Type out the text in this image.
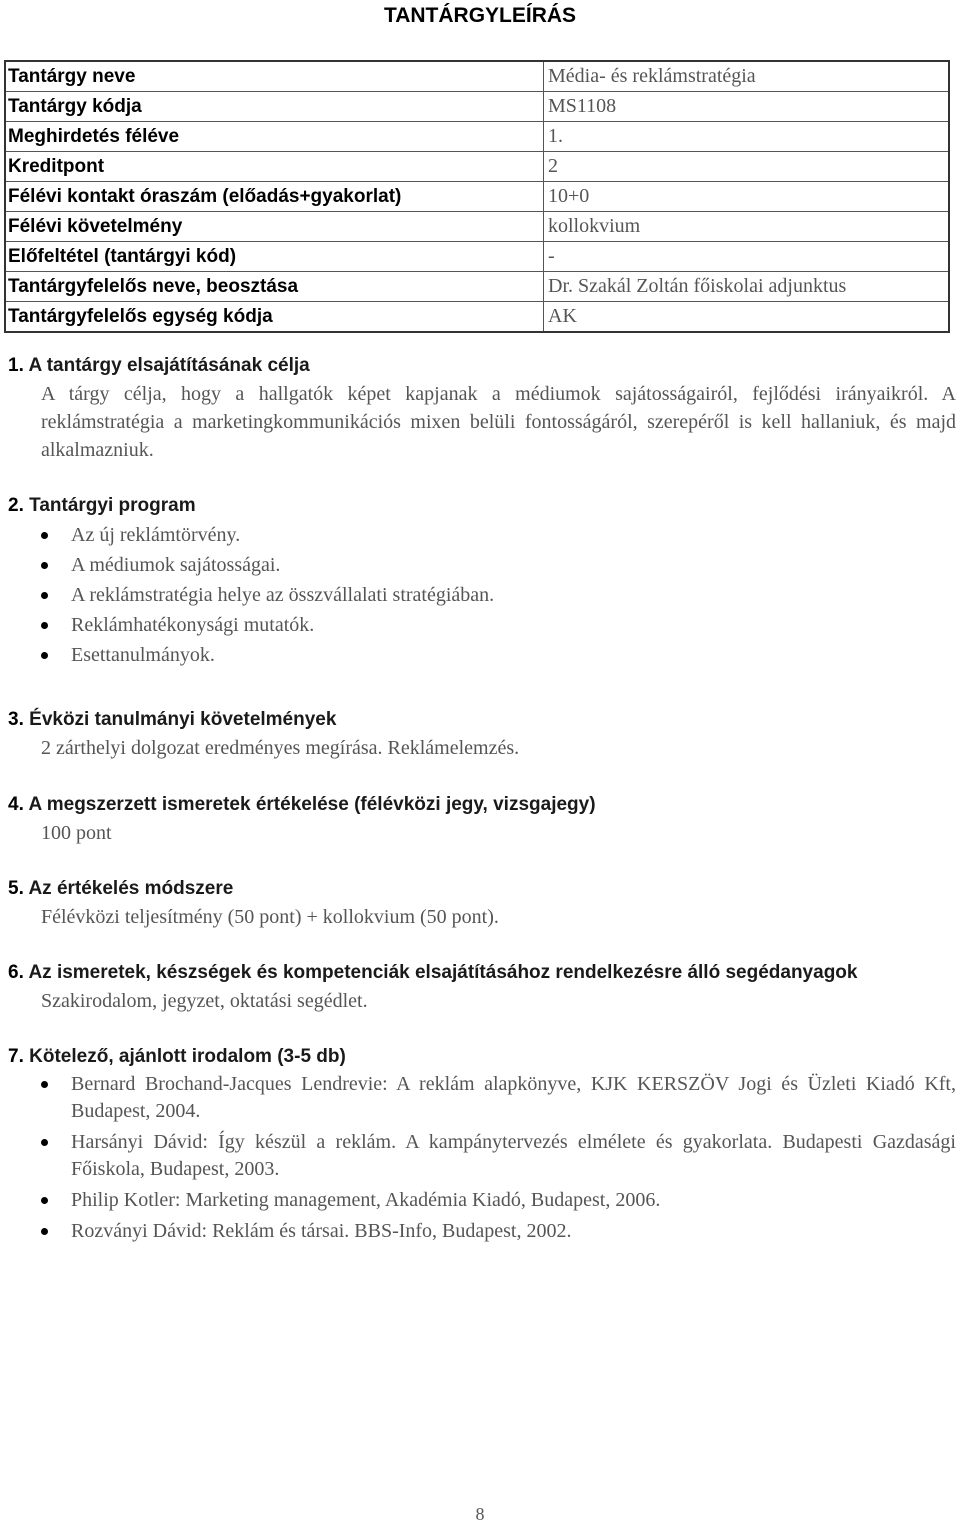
TANTÁRGYLEÍRÁS
Tantárgy neve	Média- és reklámstratégia
Tantárgy kódja	MS1108
Meghirdetés féléve	1.
Kreditpont	2
Félévi kontakt óraszám (előadás+gyakorlat)	10+0
Félévi követelmény	kollokvium
Előfeltétel (tantárgyi kód)	-
Tantárgyfelelős neve, beosztása	Dr. Szakál Zoltán főiskolai adjunktus
Tantárgyfelelős egység kódja	AK
1. A tantárgy elsajátításának célja
A tárgy célja, hogy a hallgatók képet kapjanak a médiumok sajátosságairól, fejlődési irányaikról. A reklámstratégia a marketingkommunikációs mixen belüli fontosságáról, szerepéről is kell hallaniuk, és majd alkalmazniuk.
2. Tantárgyi program
Az új reklámtörvény.
A médiumok sajátosságai.
A reklámstratégia helye az összvállalati stratégiában.
Reklámhatékonysági mutatók.
Esettanulmányok.
3. Évközi tanulmányi követelmények
2 zárthelyi dolgozat eredményes megírása. Reklámelemzés.
4. A megszerzett ismeretek értékelése (félévközi jegy, vizsgajegy)
100 pont
5. Az értékelés módszere
Félévközi teljesítmény (50 pont) + kollokvium (50 pont).
6. Az ismeretek, készségek és kompetenciák elsajátításához rendelkezésre álló segédanyagok
Szakirodalom, jegyzet, oktatási segédlet.
7. Kötelező, ajánlott irodalom (3-5 db)
Bernard Brochand-Jacques Lendrevie: A reklám alapkönyve, KJK KERSZÖV Jogi és Üzleti Kiadó Kft, Budapest, 2004.
Harsányi Dávid: Így készül a reklám. A kampánytervezés elmélete és gyakorlata. Budapesti Gazdasági Főiskola, Budapest, 2003.
Philip Kotler: Marketing management, Akadémia Kiadó, Budapest, 2006.
Rozványi Dávid: Reklám és társai. BBS-Info, Budapest, 2002.
8
